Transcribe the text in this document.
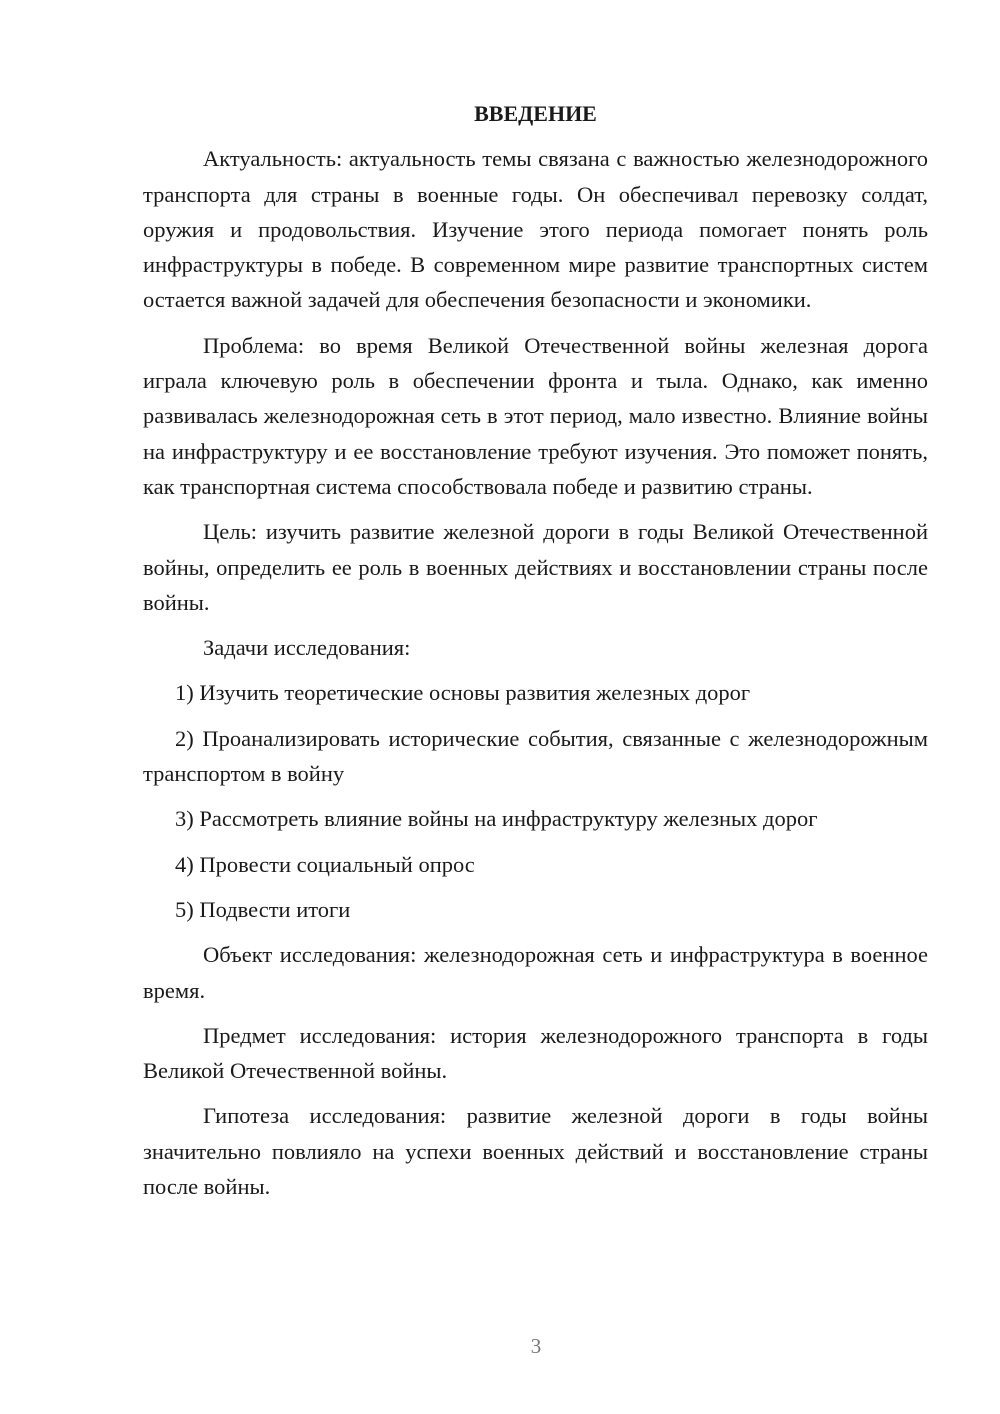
ВВЕДЕНИЕ

Актуальность: актуальность темы связана с важностью железнодорожного транспорта для страны в военные годы. Он обеспечивал перевозку солдат, оружия и продовольствия. Изучение этого периода помогает понять роль инфраструктуры в победе. В современном мире развитие транспортных систем остается важной задачей для обеспечения безопасности и экономики.

Проблема: во время Великой Отечественной войны железная дорога играла ключевую роль в обеспечении фронта и тыла. Однако, как именно развивалась железнодорожная сеть в этот период, мало известно. Влияние войны на инфраструктуру и ее восстановление требуют изучения. Это поможет понять, как транспортная система способствовала победе и развитию страны.

Цель: изучить развитие железной дороги в годы Великой Отечественной войны, определить ее роль в военных действиях и восстановлении страны после войны.

Задачи исследования:

1) Изучить теоретические основы развития железных дорог

2) Проанализировать исторические события, связанные с железнодорожным транспортом в войну

3) Рассмотреть влияние войны на инфраструктуру железных дорог

4) Провести социальный опрос

5) Подвести итоги

Объект исследования: железнодорожная сеть и инфраструктура в военное время.

Предмет исследования: история железнодорожного транспорта в годы Великой Отечественной войны.

Гипотеза исследования: развитие железной дороги в годы войны значительно повлияло на успехи военных действий и восстановление страны после войны.

3
